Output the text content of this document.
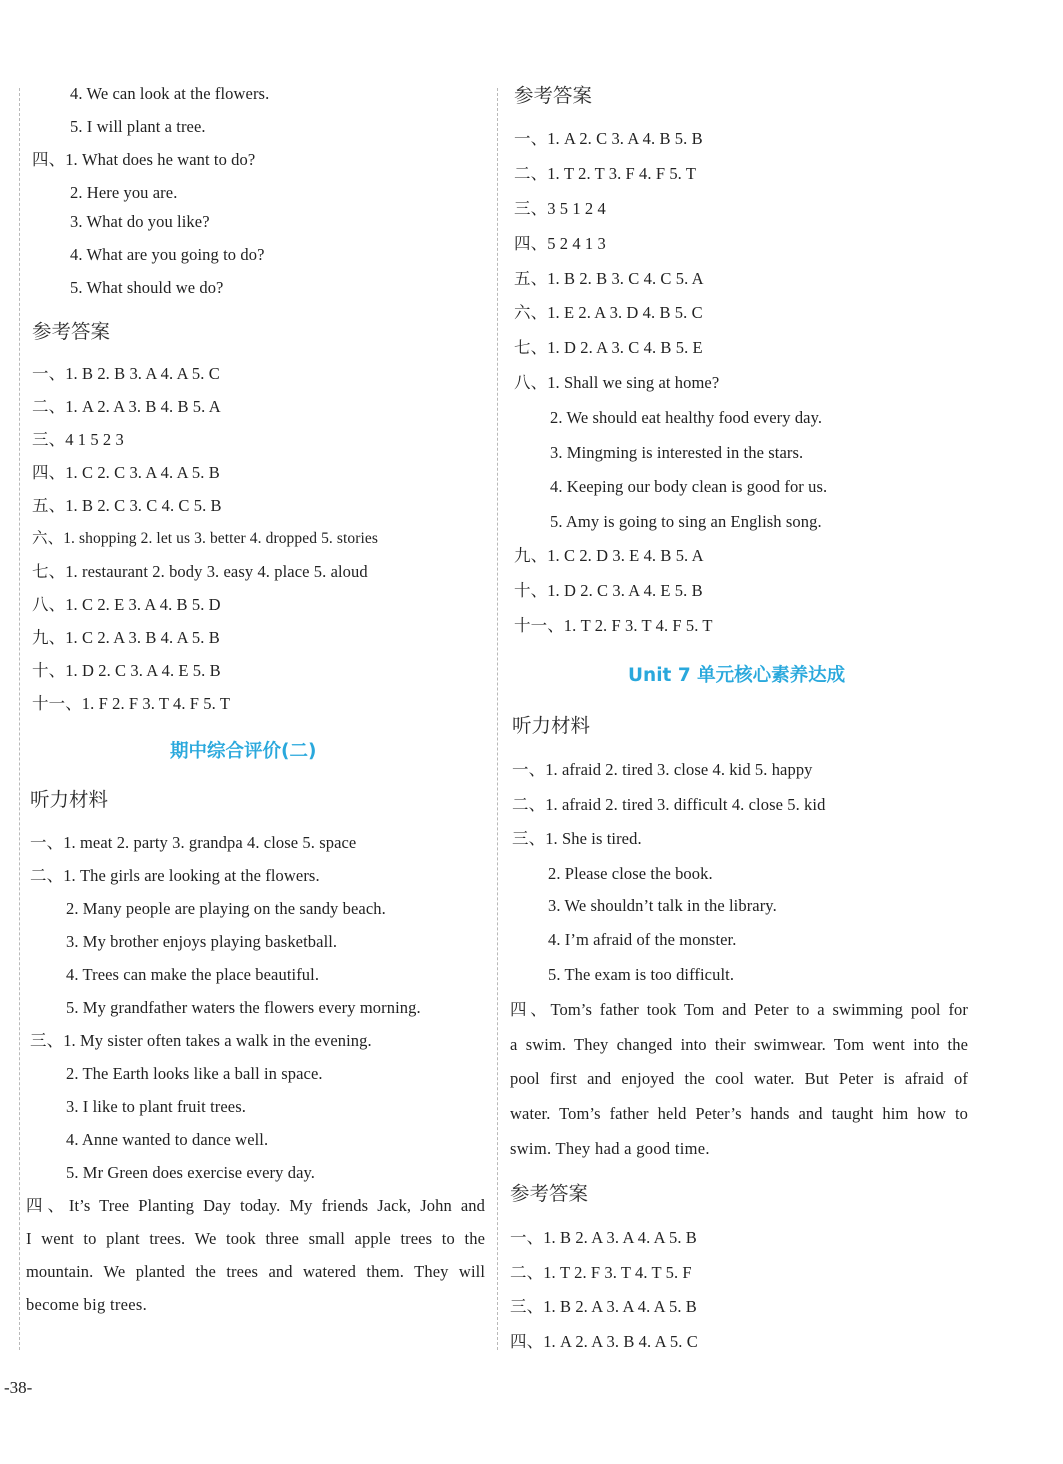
4. We can look at the flowers.
5. I will plant a tree.
四、1. What does he want to do?
2. Here you are.
3. What do you like?
4. What are you going to do?
5. What should we do?
参考答案
一、1. B 2. B 3. A 4. A 5. C
二、1. A 2. A 3. B 4. B 5. A
三、4 1 5 2 3
四、1. C 2. C 3. A 4. A 5. B
五、1. B 2. C 3. C 4. C 5. B
六、1. shopping 2. let us 3. better 4. dropped 5. stories
七、1. restaurant 2. body 3. easy 4. place 5. aloud
八、1. C 2. E 3. A 4. B 5. D
九、1. C 2. A 3. B 4. A 5. B
十、1. D 2. C 3. A 4. E 5. B
十一、1. F 2. F 3. T 4. F 5. T
期中综合评价(二)
听力材料
一、1. meat 2. party 3. grandpa 4. close 5. space
二、1. The girls are looking at the flowers.
2. Many people are playing on the sandy beach.
3. My brother enjoys playing basketball.
4. Trees can make the place beautiful.
5. My grandfather waters the flowers every morning.
三、1. My sister often takes a walk in the evening.
2. The Earth looks like a ball in space.
3. I like to plant fruit trees.
4. Anne wanted to dance well.
5. Mr Green does exercise every day.
四、It’s Tree Planting Day today. My friends Jack, John and
I went to plant trees. We took three small apple trees to the
mountain. We planted the trees and watered them. They will
become big trees.
参考答案
一、1. A 2. C 3. A 4. B 5. B
二、1. T 2. T 3. F 4. F 5. T
三、3 5 1 2 4
四、5 2 4 1 3
五、1. B 2. B 3. C 4. C 5. A
六、1. E 2. A 3. D 4. B 5. C
七、1. D 2. A 3. C 4. B 5. E
八、1. Shall we sing at home?
2. We should eat healthy food every day.
3. Mingming is interested in the stars.
4. Keeping our body clean is good for us.
5. Amy is going to sing an English song.
九、1. C 2. D 3. E 4. B 5. A
十、1. D 2. C 3. A 4. E 5. B
十一、1. T 2. F 3. T 4. F 5. T
Unit 7 单元核心素养达成
听力材料
一、1. afraid 2. tired 3. close 4. kid 5. happy
二、1. afraid 2. tired 3. difficult 4. close 5. kid
三、1. She is tired.
2. Please close the book.
3. We shouldn’t talk in the library.
4. I’m afraid of the monster.
5. The exam is too difficult.
四、Tom’s father took Tom and Peter to a swimming pool for
a swim. They changed into their swimwear. Tom went into the
pool first and enjoyed the cool water. But Peter is afraid of
water. Tom’s father held Peter’s hands and taught him how to
swim. They had a good time.
参考答案
一、1. B 2. A 3. A 4. A 5. B
二、1. T 2. F 3. T 4. T 5. F
三、1. B 2. A 3. A 4. A 5. B
四、1. A 2. A 3. B 4. A 5. C
-38-
